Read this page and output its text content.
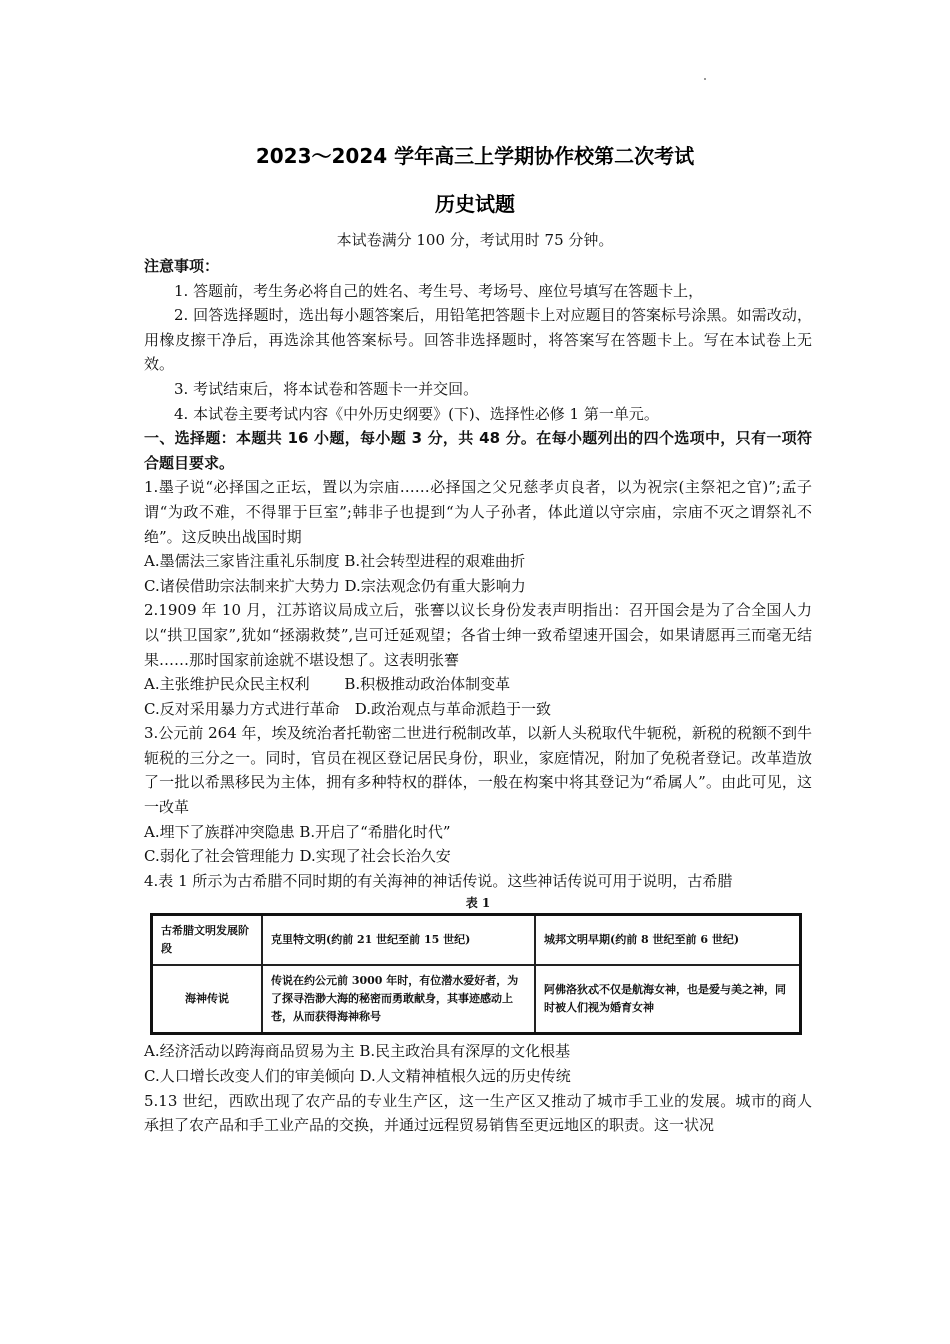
2023～2024 学年高三上学期协作校第二次考试
历史试题
本试卷满分 100 分，考试用时 75 分钟。

注意事项：

1. 答题前，考生务必将自己的姓名、考生号、考场号、座位号填写在答题卡上，

2. 回答选择题时，选出每小题答案后，用铅笔把答题卡上对应题目的答案标号涂黑。如需改动，用橡皮擦干净后，再选涂其他答案标号。回答非选择题时，将答案写在答题卡上。写在本试卷上无效。

3. 考试结束后，将本试卷和答题卡一并交回。

4. 本试卷主要考试内容《中外历史纲要》(下)、选择性必修 1 第一单元。

一、选择题：本题共 16 小题，每小题 3 分，共 48 分。在每小题列出的四个选项中，只有一项符合题目要求。

1.墨子说“必择国之正坛，置以为宗庙……必择国之父兄慈孝贞良者，以为祝宗(主祭祀之官)”;孟子谓“为政不难，不得罪于巨室”;韩非子也提到“为人子孙者，体此道以守宗庙，宗庙不灭之谓祭礼不绝”。这反映出战国时期

A.墨儒法三家皆注重礼乐制度 B.社会转型进程的艰难曲折

C.诸侯借助宗法制来扩大势力 D.宗法观念仍有重大影响力

2.1909 年 10 月，江苏谘议局成立后，张謇以议长身份发表声明指出：召开国会是为了合全国人力以“拱卫国家”,犹如“拯溺救焚”,岂可迁延观望；各省士绅一致希望速开国会，如果请愿再三而毫无结果……那时国家前途就不堪设想了。这表明张謇

A.主张维护民众民主权利　　 B.积极推动政治体制变革

C.反对采用暴力方式进行革命　D.政治观点与革命派趋于一致

3.公元前 264 年，埃及统治者托勒密二世进行税制改革，以新人头税取代牛轭税，新税的税额不到牛轭税的三分之一。同时，官员在视区登记居民身份，职业，家庭情况，附加了免税者登记。改革造放了一批以希黑移民为主体，拥有多种特权的群体，一般在构案中将其登记为“希属人”。由此可见，这一改革

A.埋下了族群冲突隐患 B.开启了“希腊化时代”

C.弱化了社会管理能力 D.实现了社会长治久安

4.表 1 所示为古希腊不同时期的有关海神的神话传说。这些神话传说可用于说明，古希腊

表 1
古希腊文明发展阶段	克里特文明(约前 21 世纪至前 15 世纪)	城邦文明早期(约前 8 世纪至前 6 世纪)
海神传说	传说在约公元前 3000 年时，有位潜水爱好者，为了探寻浩渺大海的秘密而勇敢献身，其事迹感动上苍，从而获得海神称号	阿佛洛狄忒不仅是航海女神，也是爱与美之神，同时被人们视为婚育女神

A.经济活动以跨海商品贸易为主 B.民主政治具有深厚的文化根基

C.人口增长改变人们的审美倾向 D.人文精神植根久远的历史传统

5.13 世纪，西欧出现了农产品的专业生产区，这一生产区又推动了城市手工业的发展。城市的商人承担了农产品和手工业产品的交换，并通过远程贸易销售至更远地区的职责。这一状况
